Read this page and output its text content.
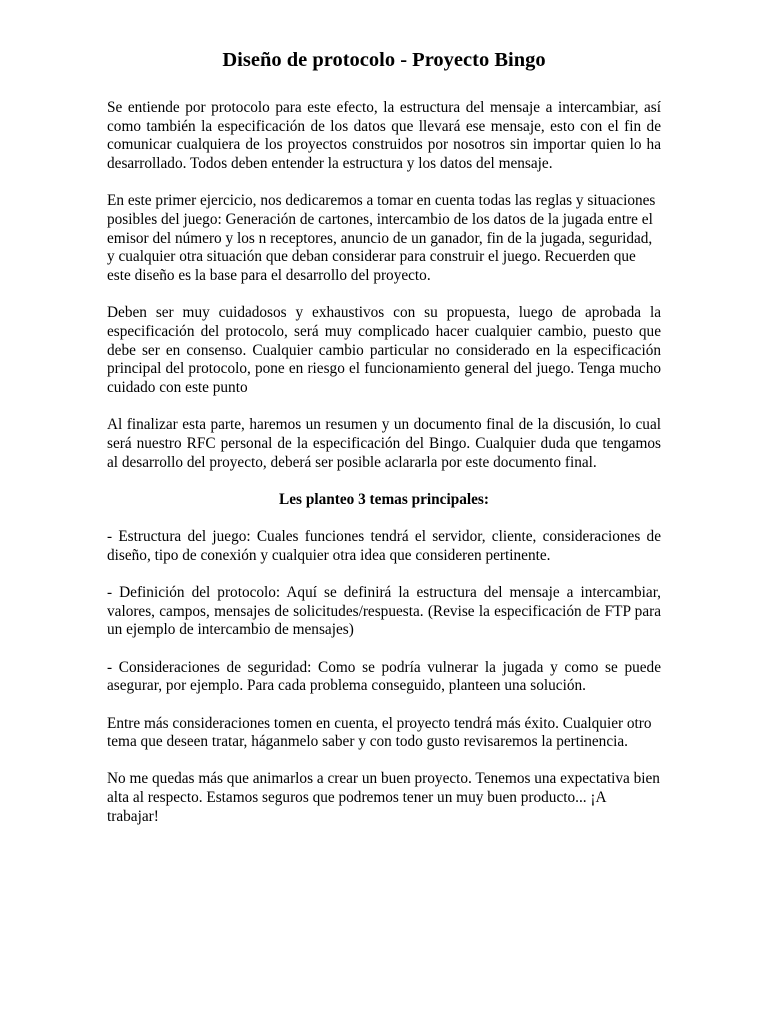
Diseño de protocolo - Proyecto Bingo

Se entiende por protocolo para este efecto, la estructura del mensaje a intercambiar, así como también la especificación de los datos que llevará ese mensaje, esto con el fin de comunicar cualquiera de los proyectos construidos por nosotros sin importar quien lo ha desarrollado. Todos deben entender la estructura y los datos del mensaje.

En este primer ejercicio, nos dedicaremos a tomar en cuenta todas las reglas y situaciones posibles del juego: Generación de cartones, intercambio de los datos de la jugada entre el emisor del número y los n receptores, anuncio de un ganador, fin de la jugada, seguridad, y cualquier otra situación que deban considerar para construir el juego. Recuerden que este diseño es la base para el desarrollo del proyecto.

Deben ser muy cuidadosos y exhaustivos con su propuesta, luego de aprobada la especificación del protocolo, será muy complicado hacer cualquier cambio, puesto que debe ser en consenso. Cualquier cambio particular no considerado en la especificación principal del protocolo, pone en riesgo el funcionamiento general del juego. Tenga mucho cuidado con este punto

Al finalizar esta parte, haremos un resumen y un documento final de la discusión, lo cual será nuestro RFC personal de la especificación del Bingo. Cualquier duda que tengamos al desarrollo del proyecto, deberá ser posible aclararla por este documento final.

Les planteo 3 temas principales:

- Estructura del juego: Cuales funciones tendrá el servidor, cliente, consideraciones de diseño, tipo de conexión y cualquier otra idea que consideren pertinente.

- Definición del protocolo: Aquí se definirá la estructura del mensaje a intercambiar, valores, campos, mensajes de solicitudes/respuesta. (Revise la especificación de FTP para un ejemplo de intercambio de mensajes)

- Consideraciones de seguridad: Como se podría vulnerar la jugada y como se puede asegurar, por ejemplo. Para cada problema conseguido, planteen una solución.

Entre más consideraciones tomen en cuenta, el proyecto tendrá más éxito. Cualquier otro tema que deseen tratar, háganmelo saber y con todo gusto revisaremos la pertinencia.

No me quedas más que animarlos a crear un buen proyecto. Tenemos una expectativa bien alta al respecto. Estamos seguros que podremos tener un muy buen producto... ¡A trabajar!
